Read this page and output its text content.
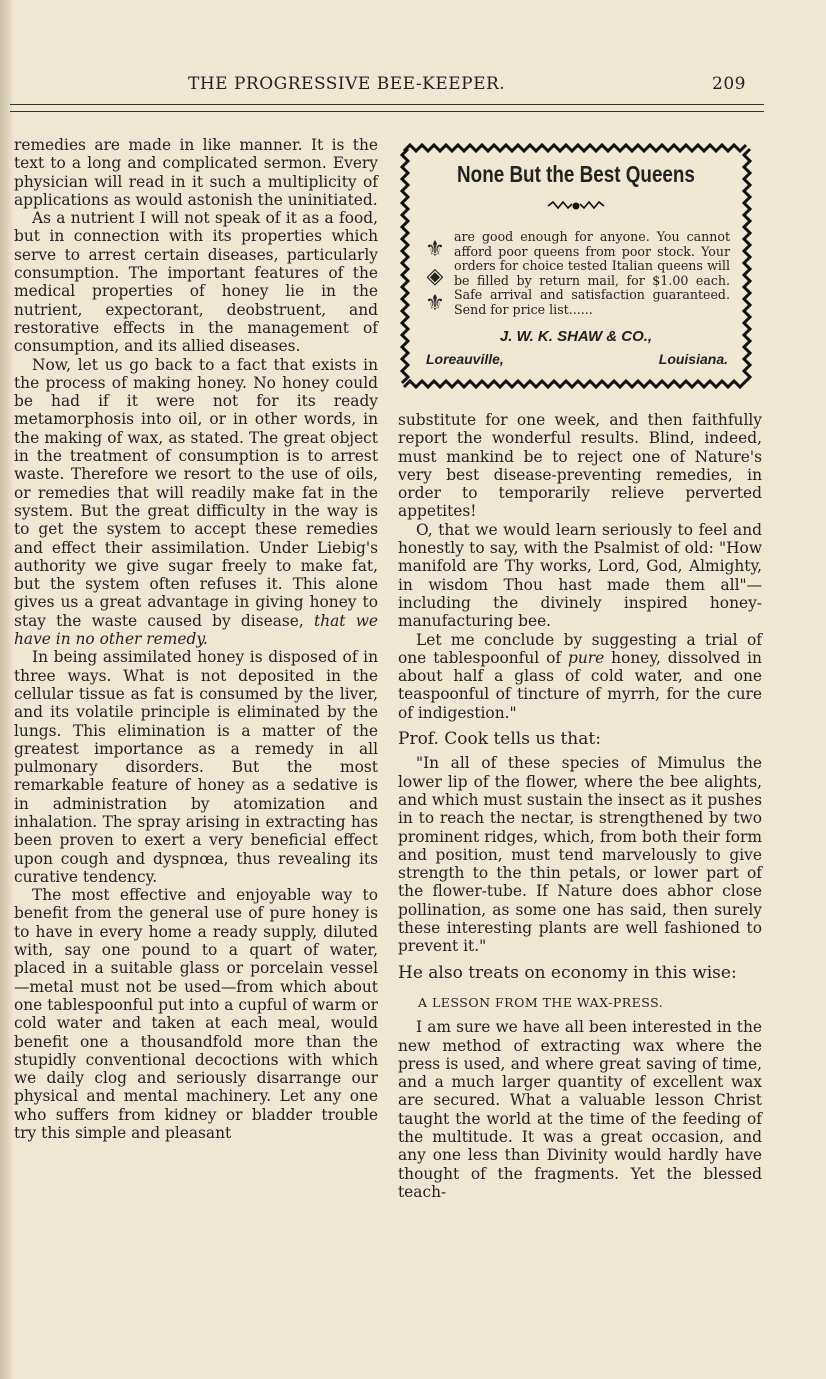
THE PROGRESSIVE BEE-KEEPER.	209

remedies are made in like manner. It is the text to a long and complicated sermon. Every physician will read in it such a multiplicity of applications as would astonish the uninitiated.

As a nutrient I will not speak of it as a food, but in connection with its properties which serve to arrest certain diseases, particularly consumption. The important features of the medical properties of honey lie in the nutrient, expectorant, deobstruent, and restorative effects in the management of consumption, and its allied diseases.

Now, let us go back to a fact that exists in the process of making honey. No honey could be had if it were not for its ready metamorphosis into oil, or in other words, in the making of wax, as stated. The great object in the treatment of consumption is to arrest waste. Therefore we resort to the use of oils, or remedies that will readily make fat in the system. But the great difficulty in the way is to get the system to accept these remedies and effect their assimilation. Under Liebig's authority we give sugar freely to make fat, but the system often refuses it. This alone gives us a great advantage in giving honey to stay the waste caused by disease, that we have in no other remedy.

In being assimilated honey is disposed of in three ways. What is not deposited in the cellular tissue as fat is consumed by the liver, and its volatile principle is eliminated by the lungs. This elimination is a matter of the greatest importance as a remedy in all pulmonary disorders. But the most remarkable feature of honey as a sedative is in administration by atomization and inhalation. The spray arising in extracting has been proven to exert a very beneficial effect upon cough and dyspnœa, thus revealing its curative tendency.

The most effective and enjoyable way to benefit from the general use of pure honey is to have in every home a ready supply, diluted with, say one pound to a quart of water, placed in a suitable glass or porcelain vessel—metal must not be used—from which about one tablespoonful put into a cupful of warm or cold water and taken at each meal, would benefit one a thousandfold more than the stupidly conventional decoctions with which we daily clog and seriously disarrange our physical and mental machinery. Let any one who suffers from kidney or bladder trouble try this simple and pleasant

None But the Best Queens
⚜
◈
⚜
are good enough for anyone. You cannot afford poor queens from poor stock. Your orders for choice tested Italian queens will be filled by return mail, for $1.00 each. Safe arrival and satisfaction guaranteed. Send for price list......
J. W. K. SHAW & CO.,
Loreauville,	Louisiana.

substitute for one week, and then faithfully report the wonderful results. Blind, indeed, must mankind be to reject one of Nature's very best disease-preventing remedies, in order to temporarily relieve perverted appetites!

O, that we would learn seriously to feel and honestly to say, with the Psalmist of old: "How manifold are Thy works, Lord, God, Almighty, in wisdom Thou hast made them all"—including the divinely inspired honey-manufacturing bee.

Let me conclude by suggesting a trial of one tablespoonful of pure honey, dissolved in about half a glass of cold water, and one teaspoonful of tincture of myrrh, for the cure of indigestion."

Prof. Cook tells us that:

"In all of these species of Mimulus the lower lip of the flower, where the bee alights, and which must sustain the insect as it pushes in to reach the nectar, is strengthened by two prominent ridges, which, from both their form and position, must tend marvelously to give strength to the thin petals, or lower part of the flower-tube. If Nature does abhor close pollination, as some one has said, then surely these interesting plants are well fashioned to prevent it."

He also treats on economy in this wise:

A LESSON FROM THE WAX-PRESS.

I am sure we have all been interested in the new method of extracting wax where the press is used, and where great saving of time, and a much larger quantity of excellent wax are secured. What a valuable lesson Christ taught the world at the time of the feeding of the multitude. It was a great occasion, and any one less than Divinity would hardly have thought of the fragments. Yet the blessed teach-
